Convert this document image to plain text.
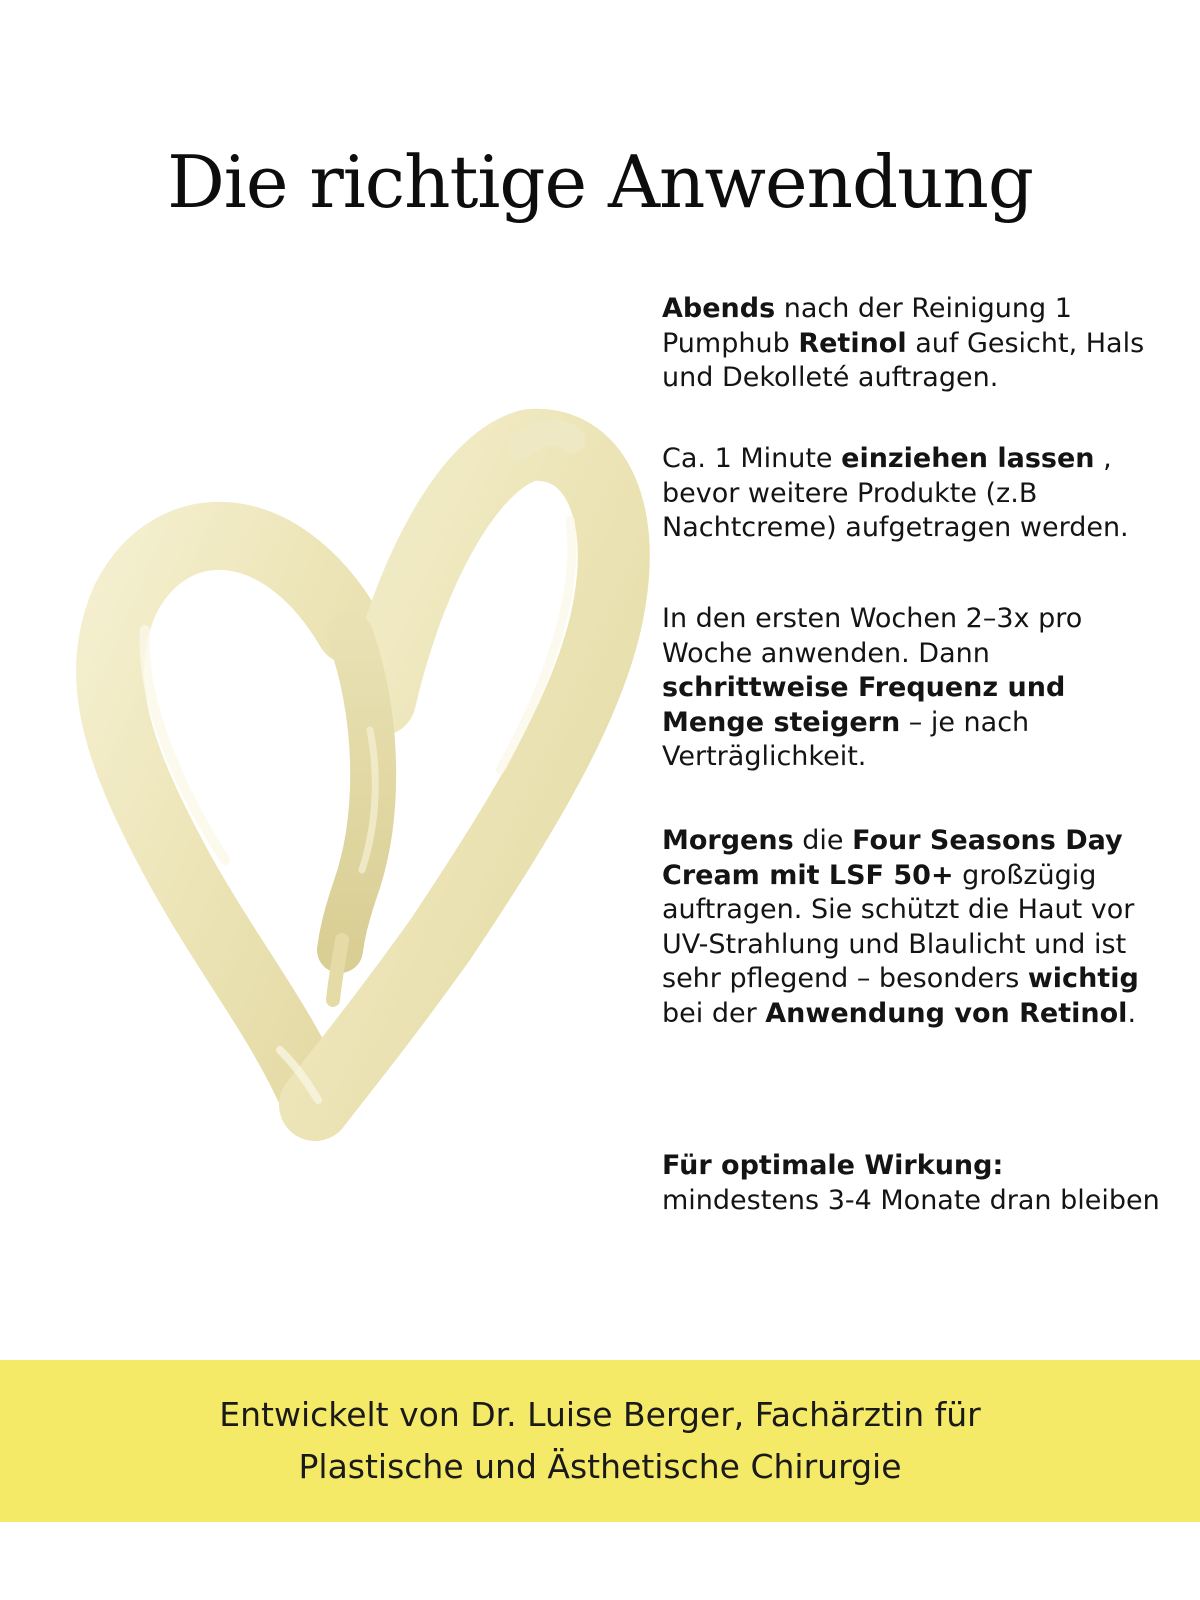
Die richtige Anwendung

Abends nach der Reinigung 1 Pumphub Retinol auf Gesicht, Hals und Dekolleté auftragen.

Ca. 1 Minute einziehen lassen , bevor weitere Produkte (z.B Nachtcreme) aufgetragen werden.

In den ersten Wochen 2–3x pro Woche anwenden. Dann schrittweise Frequenz und Menge steigern – je nach Verträglichkeit.

Morgens die Four Seasons Day Cream mit LSF 50+ großzügig auftragen. Sie schützt die Haut vor UV-Strahlung und Blaulicht und ist sehr pflegend – besonders wichtig bei der Anwendung von Retinol.

Für optimale Wirkung:
mindestens 3-4 Monate dran bleiben

Entwickelt von Dr. Luise Berger, Fachärztin für
Plastische und Ästhetische Chirurgie
